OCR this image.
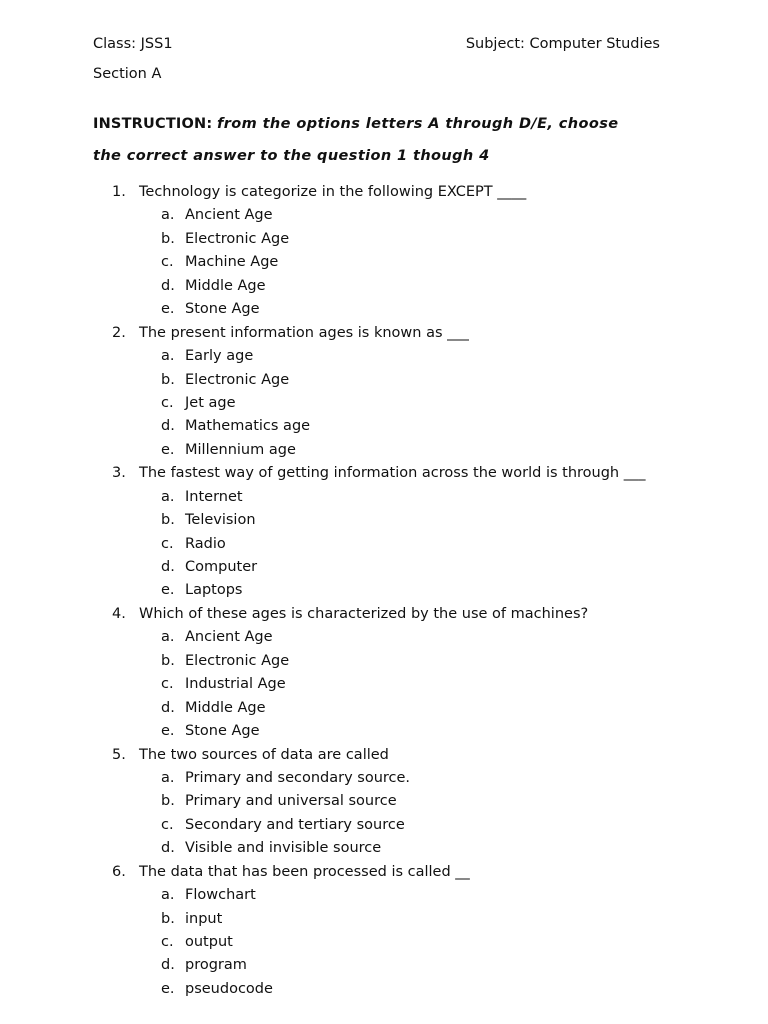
Class: JSS1	Subject: Computer Studies
Section A
INSTRUCTION: from the options letters A through D/E, choose the correct answer to the question 1 though 4
1. Technology is categorize in the following EXCEPT ____
a. Ancient Age
b. Electronic Age
c. Machine Age
d. Middle Age
e. Stone Age
2. The present information ages is known as ___
a. Early age
b. Electronic Age
c. Jet age
d. Mathematics age
e. Millennium age
3. The fastest way of getting information across the world is through ___
a. Internet
b. Television
c. Radio
d. Computer
e. Laptops
4. Which of these ages is characterized by the use of machines?
a. Ancient Age
b. Electronic Age
c. Industrial Age
d. Middle Age
e. Stone Age
5. The two sources of data are called
a. Primary and secondary source.
b. Primary and universal source
c. Secondary and tertiary source
d. Visible and invisible source
6. The data that has been processed is called __
a. Flowchart
b. input
c. output
d. program
e. pseudocode
